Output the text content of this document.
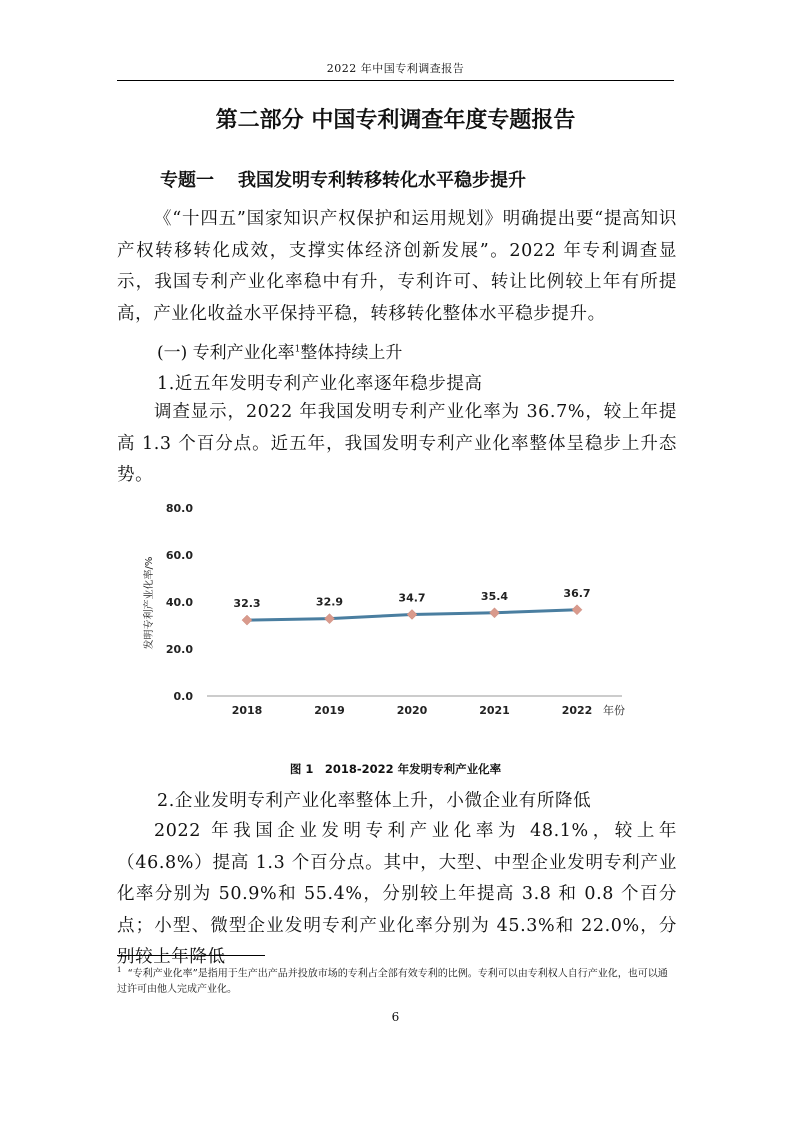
2022 年中国专利调查报告
第二部分 中国专利调查年度专题报告
专题一 我国发明专利转移转化水平稳步提升

《“十四五”国家知识产权保护和运用规划》明确提出要“提高知识产权转移转化成效，支撑实体经济创新发展”。2022 年专利调查显示，我国专利产业化率稳中有升，专利许可、转让比例较上年有所提高，产业化收益水平保持平稳，转移转化整体水平稳步提升。

(一) 专利产业化率$^1$整体持续上升
1.近五年发明专利产业化率逐年稳步提高

调查显示，2022 年我国发明专利产业化率为 36.7%，较上年提高 1.3 个百分点。近五年，我国发明专利产业化率整体呈稳步上升态势。

发明专利产业化率/%
0.0
20.0
40.0
60.0
80.0
2018	2019	2020	2021	2022 年份
32.3	32.9	34.7	35.4	36.7
图 1　2018-2022 年发明专利产业化率
2.企业发明专利产业化率整体上升，小微企业有所降低

2022 年我国企业发明专利产业化率为 48.1%，较上年（46.8%）提高 1.3 个百分点。其中，大型、中型企业发明专利产业化率分别为 50.9%和 55.4%，分别较上年提高 3.8 和 0.8 个百分点；小型、微型企业发明专利产业化率分别为 45.3%和 22.0%，分别较上年降低

$^1$ “专利产业化率”是指用于生产出产品并投放市场的专利占全部有效专利的比例。专利可以由专利权人自行产业化，也可以通过许可由他人完成产业化。
6
